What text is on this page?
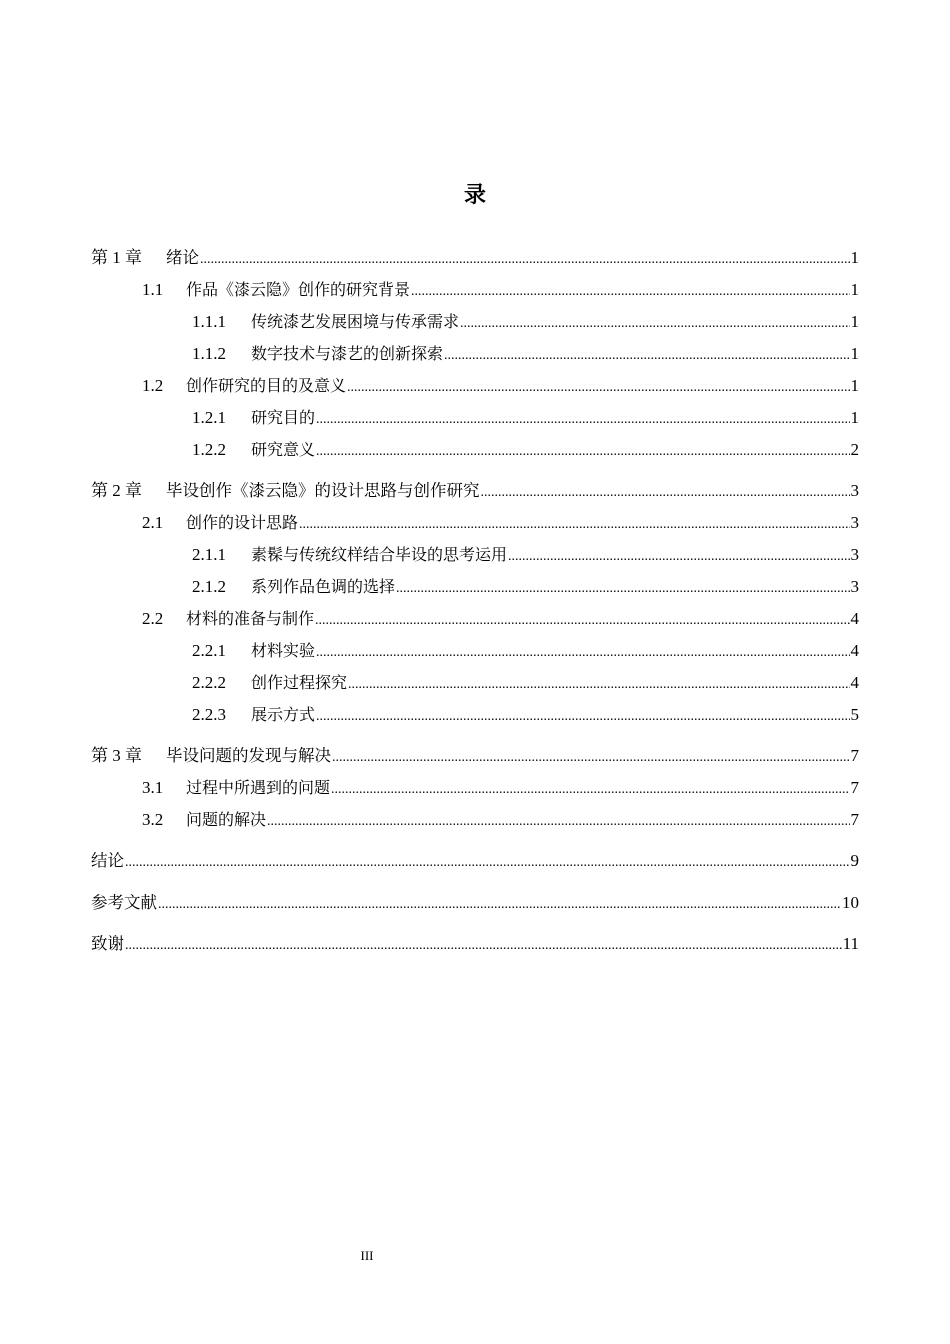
录
第 1 章	绪论 .....	1
1.1	作品《漆云隐》创作的研究背景 .....	1
1.1.1	传统漆艺发展困境与传承需求 .....	1
1.1.2	数字技术与漆艺的创新探索 .....	1
1.2	创作研究的目的及意义 .....	1
1.2.1	研究目的 .....	1
1.2.2	研究意义 .....	2
第 2 章	毕设创作《漆云隐》的设计思路与创作研究 .....	3
2.1	创作的设计思路 .....	3
2.1.1	素髹与传统纹样结合毕设的思考运用 .....	3
2.1.2	系列作品色调的选择 .....	3
2.2	材料的准备与制作 .....	4
2.2.1	材料实验 .....	4
2.2.2	创作过程探究 .....	4
2.2.3	展示方式 .....	5
第 3 章	毕设问题的发现与解决 .....	7
3.1	过程中所遇到的问题 .....	7
3.2	问题的解决 .....	7
结论 .....	9
参考文献 .....	10
致谢 .....	11
III
